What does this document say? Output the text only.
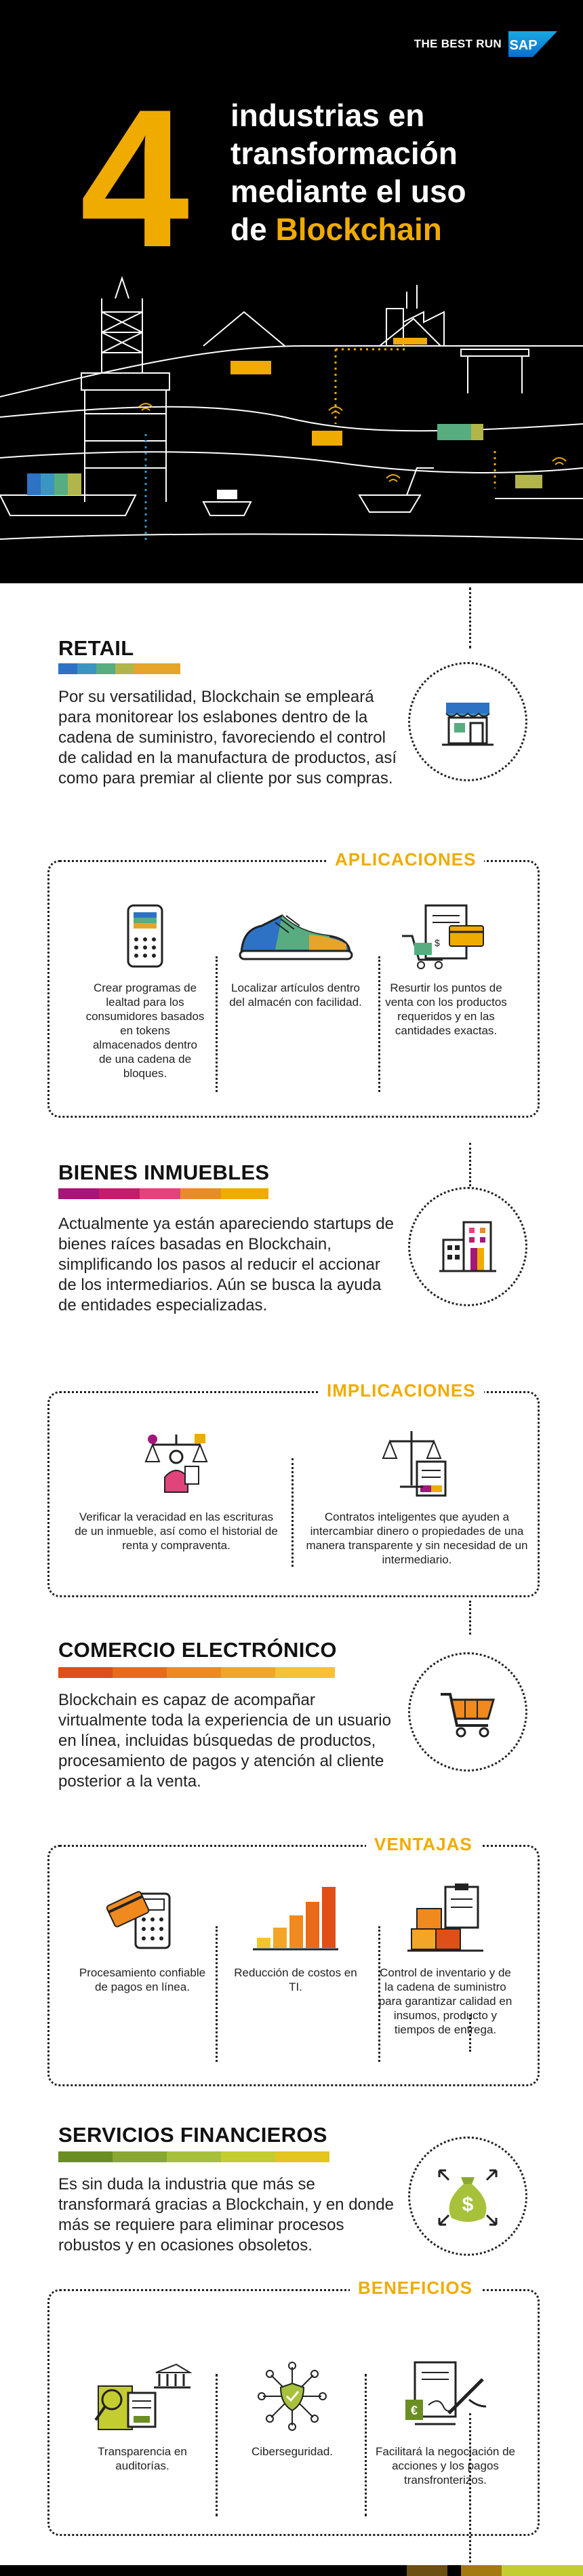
THE BEST RUN SAP
4 industrias en
transformación
mediante el uso
de Blockchain
RETAIL
Por su versatilidad, Blockchain se empleará para monitorear los eslabones dentro de la cadena de suministro, favoreciendo el control de calidad en la manufactura de productos, así como para premiar al cliente por sus compras.
APLICACIONES
Crear programas de lealtad para los consumidores basados en tokens almacenados dentro de una cadena de bloques.
Localizar artículos dentro del almacén con facilidad.
$
Resurtir los puntos de venta con los productos requeridos y en las cantidades exactas.
BIENES INMUEBLES
Actualmente ya están apareciendo startups de bienes raíces basadas en Blockchain, simplificando los pasos al reducir el accionar de los intermediarios. Aún se busca la ayuda de entidades especializadas.
IMPLICACIONES
Verificar la veracidad en las escrituras de un inmueble, así como el historial de renta y compraventa.
Contratos inteligentes que ayuden a intercambiar dinero o propiedades de una manera transparente y sin necesidad de un intermediario.
COMERCIO ELECTRÓNICO
Blockchain es capaz de acompañar virtualmente toda la experiencia de un usuario en línea, incluidas búsquedas de productos, procesamiento de pagos y atención al cliente posterior a la venta.
VENTAJAS
Procesamiento confiable de pagos en línea.
Reducción de costos en TI.
Control de inventario y de la cadena de suministro para garantizar calidad en insumos, producto y tiempos de entrega.
SERVICIOS FINANCIEROS
Es sin duda la industria que más se transformará gracias a Blockchain, y en donde más se requiere para eliminar procesos robustos y en ocasiones obsoletos.
$
BENEFICIOS
Transparencia en auditorías.
Ciberseguridad.
€
Facilitará la negociación de acciones y los pagos transfronterizos.
